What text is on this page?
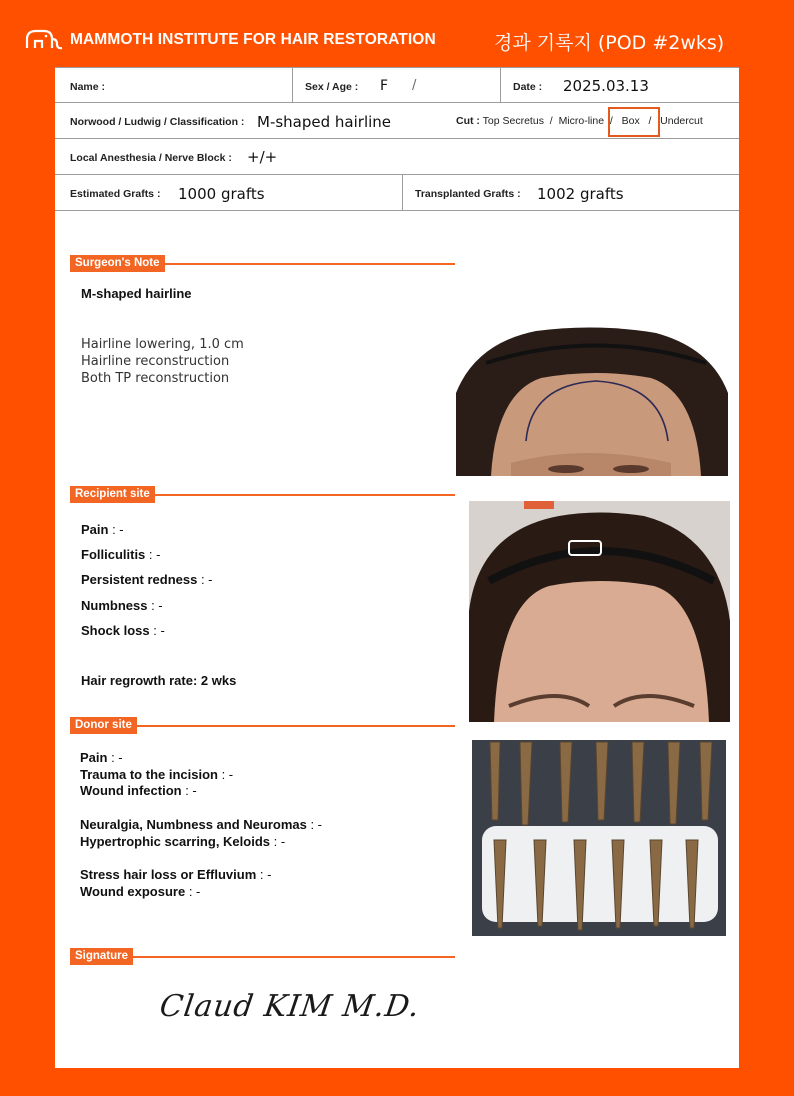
MAMMOTH INSTITUTE FOR HAIR RESTORATION	경과 기록지 (POD #2wks)
Name :	Sex / Age : F /	Date : 2025.03.13
Norwood / Ludwig / Classification : M-shaped hairline	Cut : Top Secretus / Micro-line / Box / Undercut
Local Anesthesia / Nerve Block : +/+
Estimated Grafts : 1000 grafts	Transplanted Grafts : 1002 grafts
Surgeon's Note
M-shaped hairline
Hairline lowering, 1.0 cm
Hairline reconstruction
Both TP reconstruction
Recipient site
Pain : -
Folliculitis : -
Persistent redness : -
Numbness : -
Shock loss : -
Hair regrowth rate: 2 wks
Donor site
Pain : -
Trauma to the incision : -
Wound infection : -
Neuralgia, Numbness and Neuromas : -
Hypertrophic scarring, Keloids : -
Stress hair loss or Effluvium : -
Wound exposure : -
Signature
Claud KIM M.D.
